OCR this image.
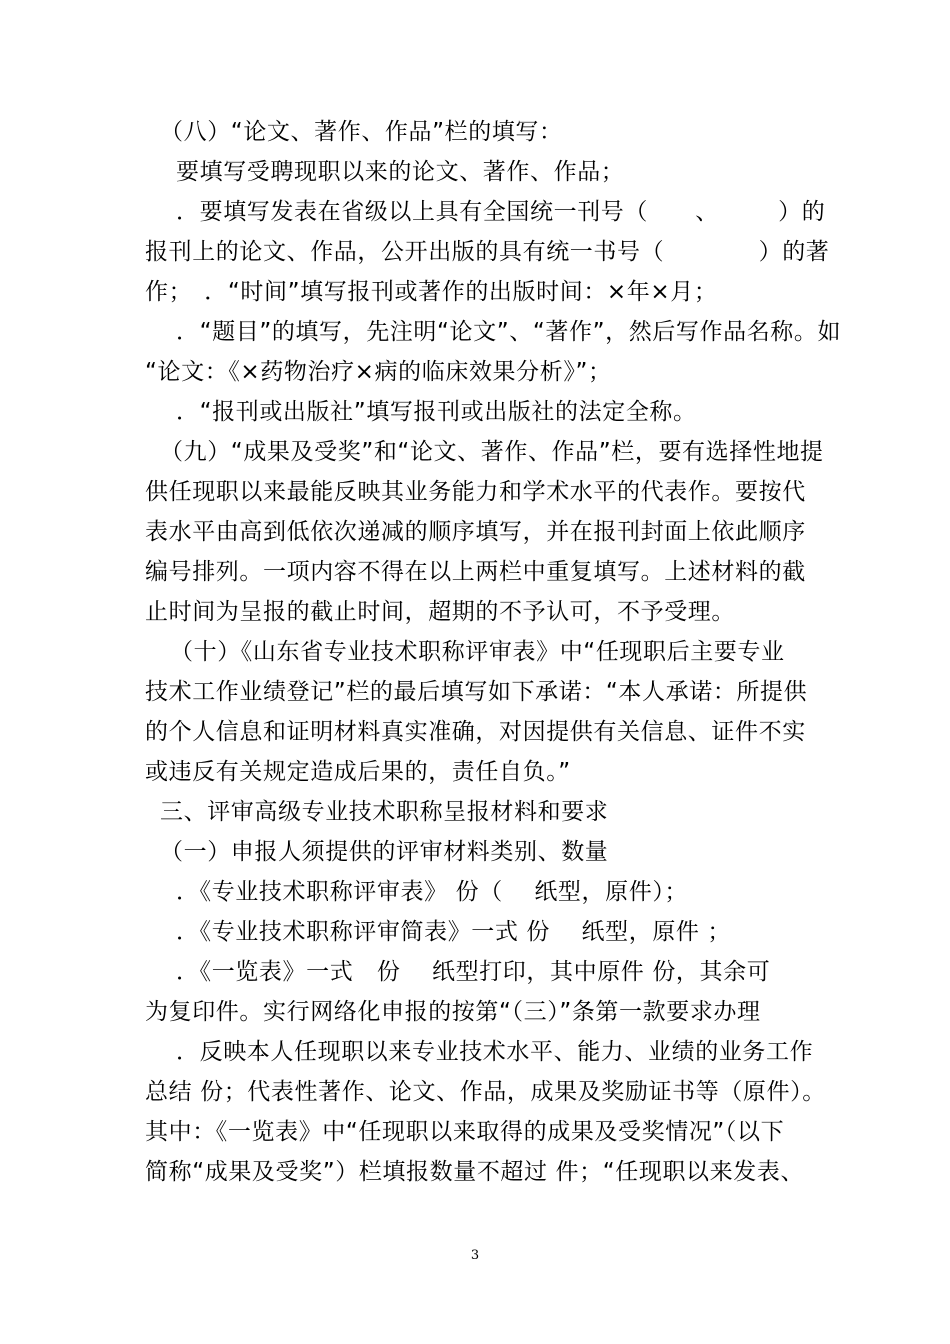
（八）“论文、著作、作品”栏的填写：
要填写受聘现职以来的论文、著作、作品；
．要填写发表在省级以上具有全国统一刊号（　　、　　　）的
报刊上的论文、作品，公开出版的具有统一书号（　　　　）的著
作；　．“时间”填写报刊或著作的出版时间：×年×月；
．“题目”的填写，先注明“论文”、“著作”，然后写作品名称。如
“论文：《×药物治疗×病的临床效果分析》”；
．“报刊或出版社”填写报刊或出版社的法定全称。
（九）“成果及受奖”和“论文、著作、作品”栏，要有选择性地提
供任现职以来最能反映其业务能力和学术水平的代表作。要按代
表水平由高到低依次递减的顺序填写，并在报刊封面上依此顺序
编号排列。一项内容不得在以上两栏中重复填写。上述材料的截
止时间为呈报的截止时间，超期的不予认可，不予受理。
（十）《山东省专业技术职称评审表》中“任现职后主要专业
技术工作业绩登记”栏的最后填写如下承诺：“本人承诺：所提供
的个人信息和证明材料真实准确，对因提供有关信息、证件不实
或违反有关规定造成后果的，责任自负。”
三、评审高级专业技术职称呈报材料和要求
（一）申报人须提供的评审材料类别、数量
．《专业技术职称评审表》 份（　 纸型，原件）；
．《专业技术职称评审简表》一式 份　 纸型，原件 ；
．《一览表》一式　份　 纸型打印，其中原件 份，其余可
为复印件。实行网络化申报的按第“（三）”条第一款要求办理
．反映本人任现职以来专业技术水平、能力、业绩的业务工作
总结 份；代表性著作、论文、作品，成果及奖励证书等（原件）。
其中：《一览表》中“任现职以来取得的成果及受奖情况”（以下
简称“成果及受奖”）栏填报数量不超过 件；“任现职以来发表、
3
